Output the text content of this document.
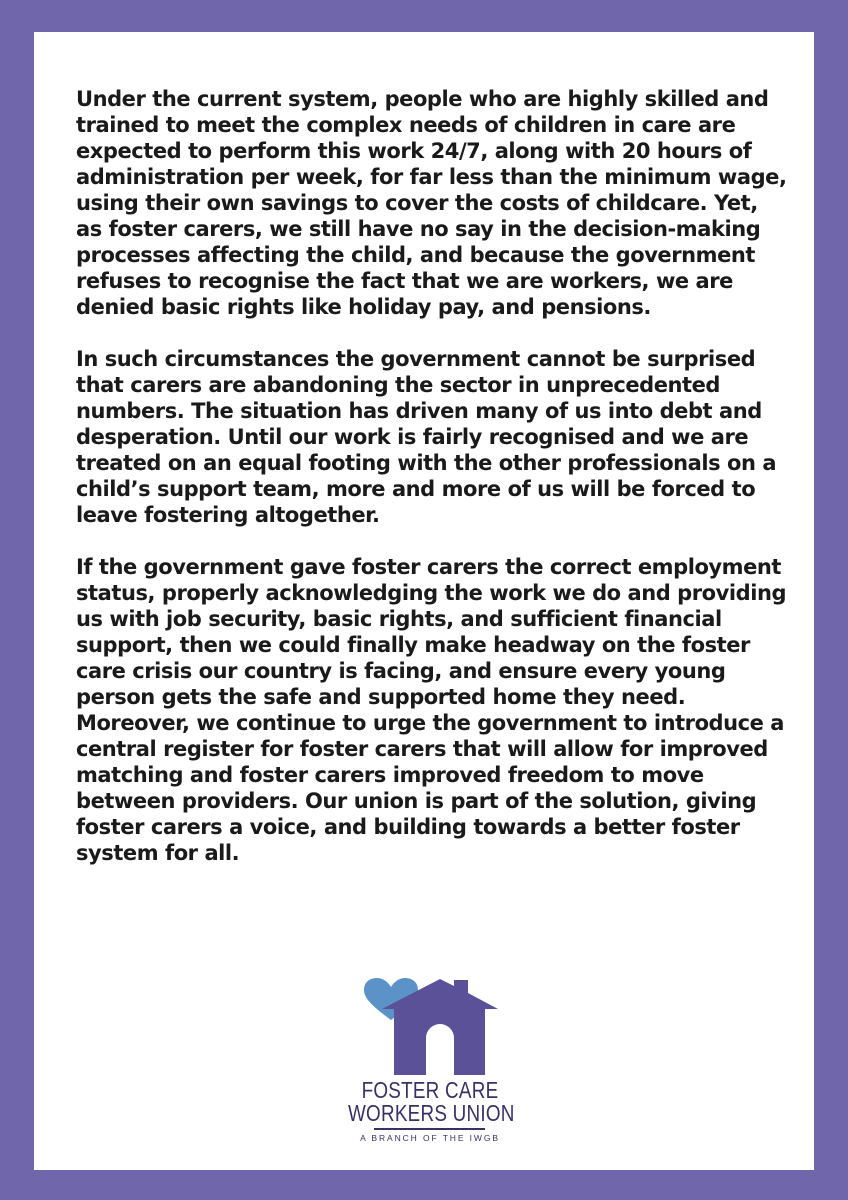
Under the current system, people who are highly skilled and trained to meet the complex needs of children in care are expected to perform this work 24/7, along with 20 hours of administration per week, for far less than the minimum wage, using their own savings to cover the costs of childcare. Yet, as foster carers, we still have no say in the decision-making processes affecting the child, and because the government refuses to recognise the fact that we are workers, we are denied basic rights like holiday pay, and pensions.

In such circumstances the government cannot be surprised that carers are abandoning the sector in unprecedented numbers. The situation has driven many of us into debt and desperation. Until our work is fairly recognised and we are treated on an equal footing with the other professionals on a child’s support team, more and more of us will be forced to leave fostering altogether.

If the government gave foster carers the correct employment status, properly acknowledging the work we do and providing us with job security, basic rights, and sufficient financial support, then we could finally make headway on the foster care crisis our country is facing, and ensure every young person gets the safe and supported home they need. Moreover, we continue to urge the government to introduce a central register for foster carers that will allow for improved matching and foster carers improved freedom to move between providers. Our union is part of the solution, giving foster carers a voice, and building towards a better foster system for all.

FOSTER CARE
WORKERS UNION
A BRANCH OF THE IWGB
